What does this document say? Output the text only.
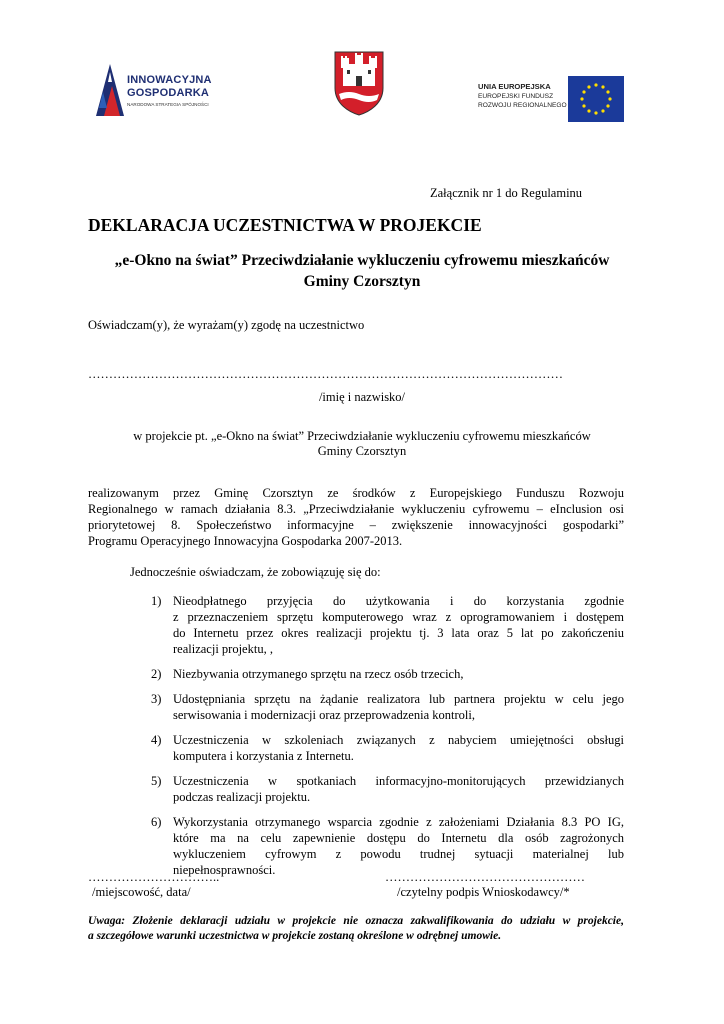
INNOWACYJNA
GOSPODARKA
NARODOWA STRATEGIA SPÓJNOŚCI
UNIA EUROPEJSKA
EUROPEJSKI FUNDUSZ
ROZWOJU REGIONALNEGO
Załącznik nr 1 do Regulaminu
DEKLARACJA UCZESTNICTWA W PROJEKCIE
„e-Okno na świat” Przeciwdziałanie wykluczeniu cyfrowemu mieszkańców
Gminy Czorsztyn
Oświadczam(y), że wyrażam(y) zgodę na uczestnictwo
……………………………………………………………………………………………………
/imię i nazwisko/
w projekcie pt. „e-Okno na świat” Przeciwdziałanie wykluczeniu cyfrowemu mieszkańców
Gminy Czorsztyn
realizowanym przez Gminę Czorsztyn ze środków z Europejskiego Funduszu Rozwoju
Regionalnego w ramach działania 8.3. „Przeciwdziałanie wykluczeniu cyfrowemu – eInclusion osi
priorytetowej 8. Społeczeństwo informacyjne – zwiększenie innowacyjności gospodarki”
Programu Operacyjnego Innowacyjna Gospodarka 2007-2013.
Jednocześnie oświadczam, że zobowiązuję się do:
1) Nieodpłatnego przyjęcia do użytkowania i do korzystania zgodnie
z przeznaczeniem sprzętu komputerowego wraz z oprogramowaniem i dostępem
do Internetu przez okres realizacji projektu tj. 3 lata oraz 5 lat po zakończeniu
realizacji projektu, ,
2) Niezbywania otrzymanego sprzętu na rzecz osób trzecich,
3) Udostępniania sprzętu na żądanie realizatora lub partnera projektu w celu jego
serwisowania i modernizacji oraz przeprowadzenia kontroli,
4) Uczestniczenia w szkoleniach związanych z nabyciem umiejętności obsługi
komputera i korzystania z Internetu.
5) Uczestniczenia w spotkaniach informacyjno-monitorujących przewidzianych
podczas realizacji projektu.
6) Wykorzystania otrzymanego wsparcia zgodnie z założeniami Działania 8.3 PO IG,
które ma na celu zapewnienie dostępu do Internetu dla osób zagrożonych
wykluczeniem cyfrowym z powodu trudnej sytuacji materialnej lub
niepełnosprawności.
…………………………..	…………………………………………
/miejscowość, data/	/czytelny podpis Wnioskodawcy/*
Uwaga: Złożenie deklaracji udziału w projekcie nie oznacza zakwalifikowania do udziału w projekcie,
a szczegółowe warunki uczestnictwa w projekcie zostaną określone w odrębnej umowie.
